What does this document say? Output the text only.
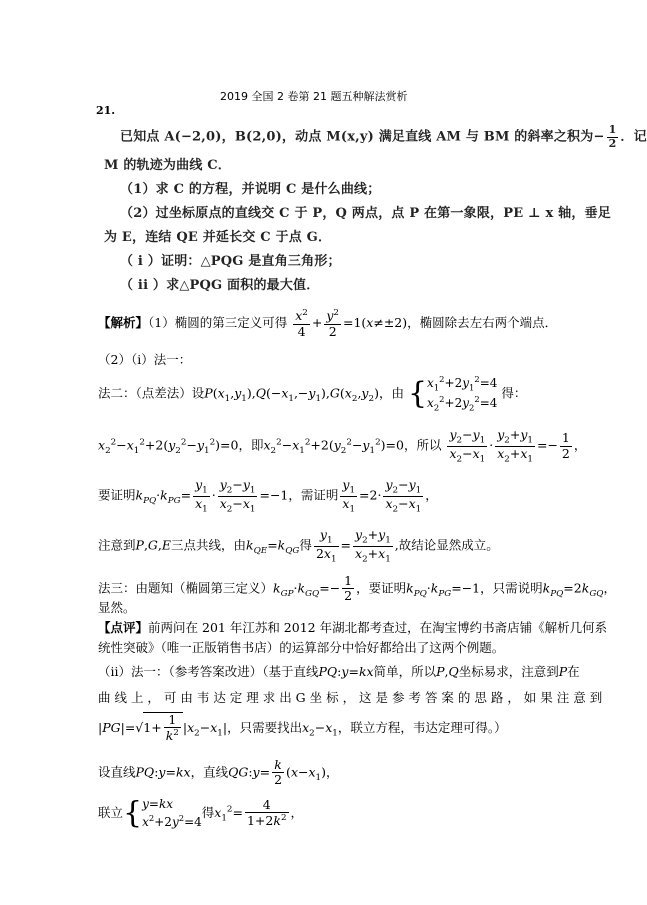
2019 全国 2 卷第 21 题五种解法赏析
21.
已知点 A(−2,0)，B(2,0)，动点 M(x,y) 满足直线 AM 与 BM 的斜率之积为− $\frac{1}{2}$ ．记
M 的轨迹为曲线 C．
（1）求 C 的方程，并说明 C 是什么曲线；
（2）过坐标原点的直线交 C 于 P，Q 两点，点 P 在第一象限，PE ⊥ x 轴，垂足
为 E，连结 QE 并延长交 C 于点 G．
（ i ）证明：△PQG 是直角三角形；
（ ii ）求△PQG 面积的最大值．
【解析】（1）椭圆的第三定义可得 $\frac{x^2}{4} + \frac{y^2}{2} =1(x\ne\pm 2)$，椭圆除去左右两个端点．
（2）（i）法一：
法二：（点差法）设$P(x_1,y_1),Q(-x_1,-y_1),G(x_2,y_2)$，由 { $x_1^2+2y_1^2=4$
$x_2^2+2y_2^2=4$
得：
$x_2^2-x_1^2+2(y_2^2-y_1^2)=0$，即$x_2^2-x_1^2+2(y_2^2-y_1^2)=0$，所以 $\frac{y_2-y_1}{x_2-x_1} \cdot \frac{y_2+y_1}{x_2+x_1} =- \frac{1}{2}$ ，
要证明$k_{PQ}\cdot k_{PG}= \frac{y_1}{x_1} \cdot \frac{y_2-y_1}{x_2-x_1} =-1$，需证明 $\frac{y_1}{x_1} =2\cdot \frac{y_2-y_1}{x_2-x_1}$ ，
注意到P,G,E三点共线，由$k_{QE}=k_{QG}$得 $\frac{y_1}{2x_1} = \frac{y_2+y_1}{x_2+x_1}$ ,故结论显然成立。
法三：由题知（椭圆第三定义）$k_{GP}\cdot k_{GQ}=- \frac{1}{2}$ ，要证明$k_{PQ}\cdot k_{PG}=-1$，只需说明$k_{PQ}=2k_{GQ}$，
显然。
【点评】前两问在 201 年江苏和 2012 年湖北都考查过，在淘宝博约书斋店铺《解析几何系
统性突破》（唯一正版销售书店）的运算部分中恰好都给出了这两个例题。
（ii）法一：（参考答案改进）（基于直线PQ:y=kx简单，所以P,Q坐标易求，注意到P在
曲 线 上 ， 可 由 韦 达 定 理 求 出 G 坐 标 ， 这 是 参 考 答 案 的 思 路 ， 如 果 注 意 到
$|PG|=√1+ \frac{1}{k^2} |x_2-x_1|$，只需要找出$x_2-x_1$，联立方程，韦达定理可得。）
设直线PQ:y=kx，直线QG:y= $\frac{k}{2} (x-x_1)$，
联立{ y=kx
$x^2+2y^2=4$
得$x_1^2= \frac{4}{1+2k^2}$ ，
